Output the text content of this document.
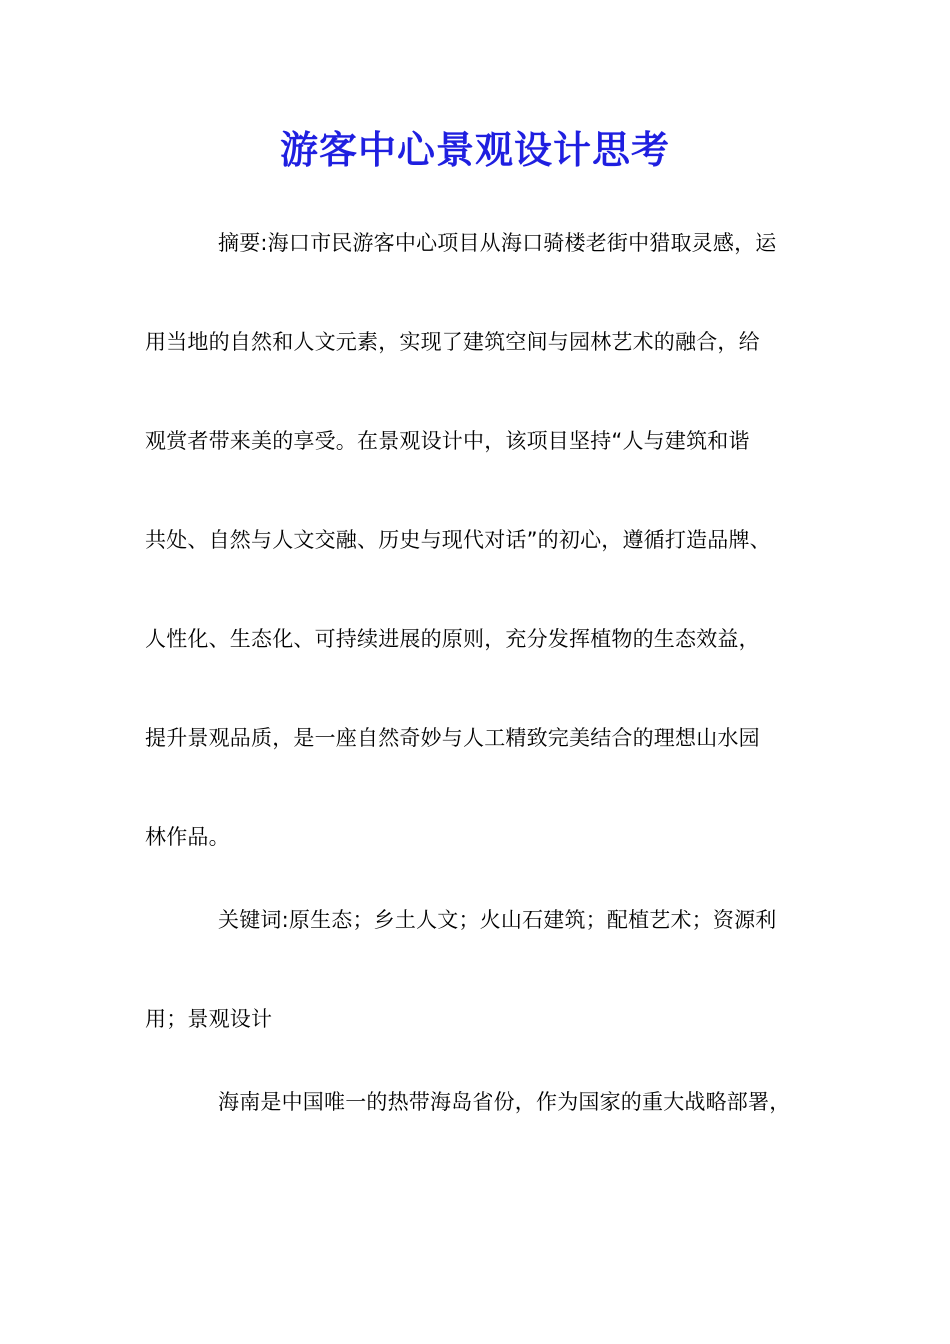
游客中心景观设计思考
摘要:海口市民游客中心项目从海口骑楼老街中猎取灵感，运
用当地的自然和人文元素，实现了建筑空间与园林艺术的融合，给
观赏者带来美的享受。在景观设计中，该项目坚持“人与建筑和谐
共处、自然与人文交融、历史与现代对话”的初心，遵循打造品牌、
人性化、生态化、可持续进展的原则，充分发挥植物的生态效益，
提升景观品质，是一座自然奇妙与人工精致完美结合的理想山水园
林作品。
关键词:原生态；乡土人文；火山石建筑；配植艺术；资源利
用；景观设计
海南是中国唯一的热带海岛省份，作为国家的重大战略部署，
